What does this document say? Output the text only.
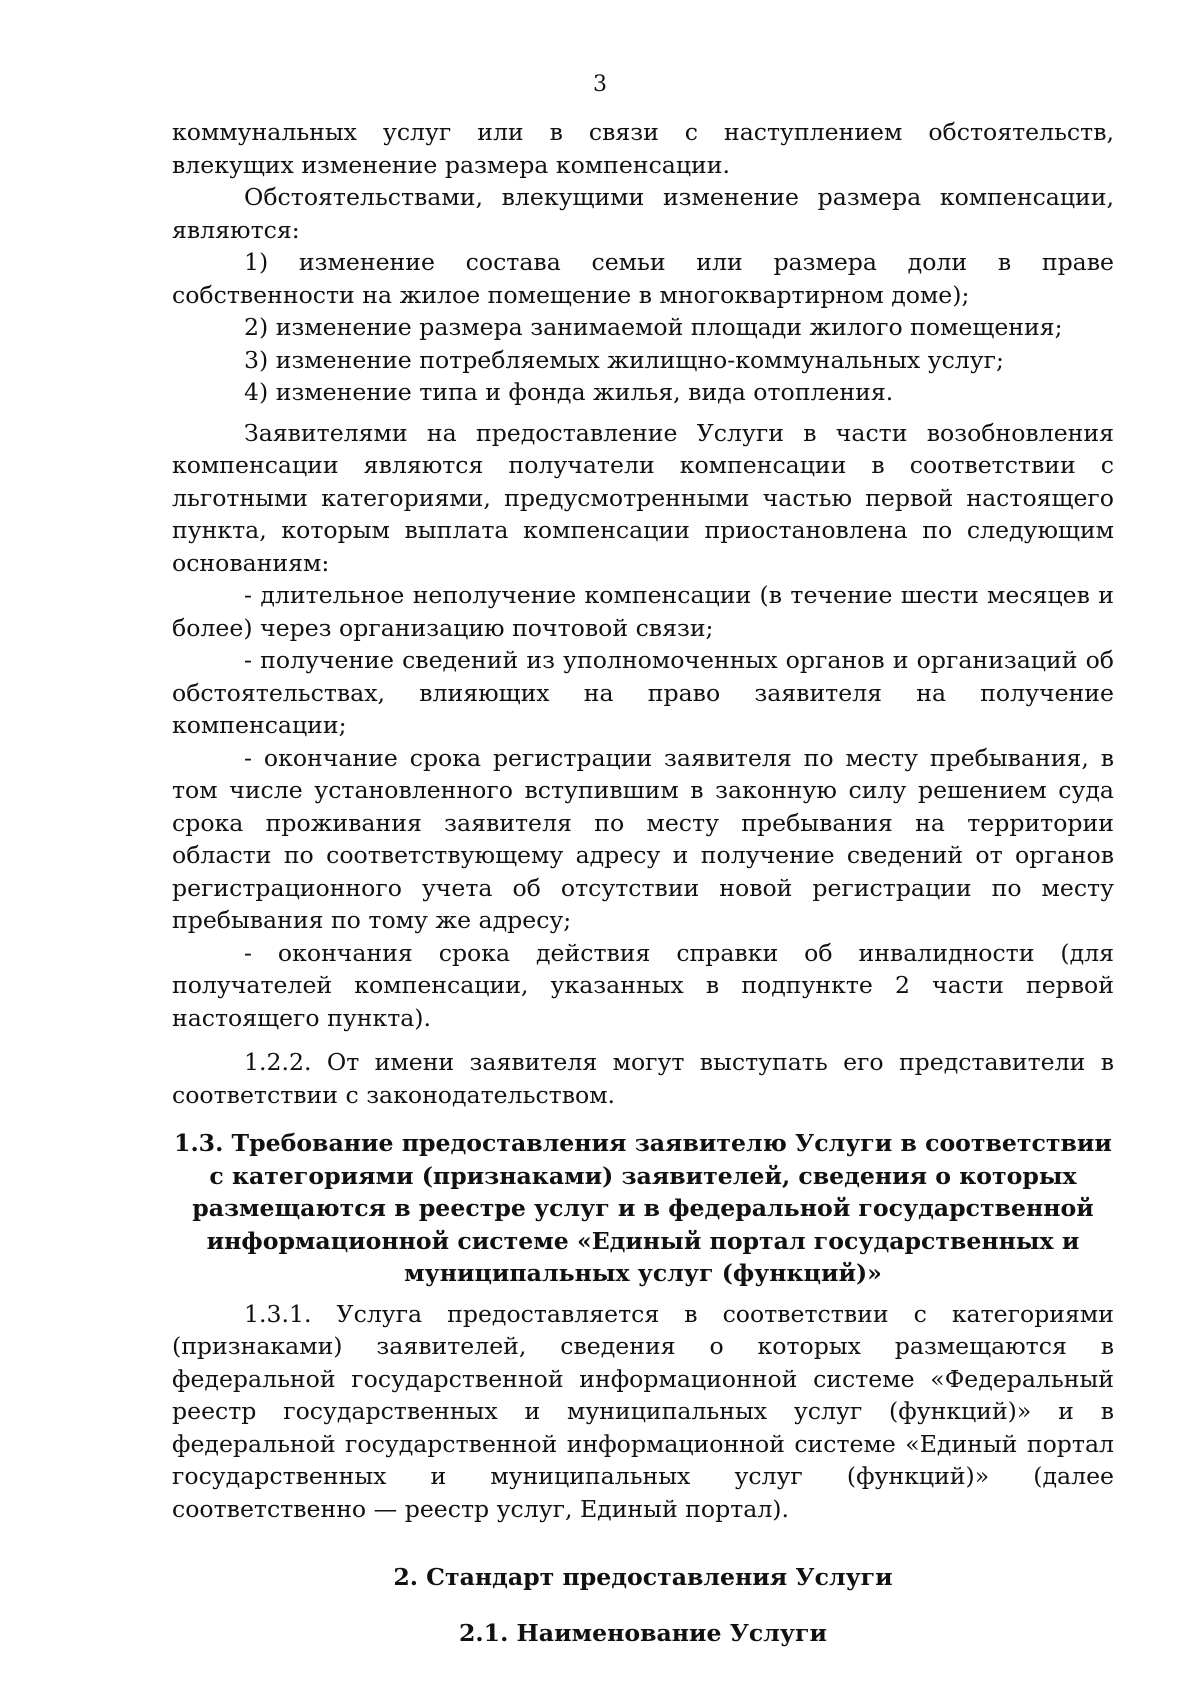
3

коммунальных услуг или в связи с наступлением обстоятельств, влекущих изменение размера компенсации.

Обстоятельствами, влекущими изменение размера компенсации, являются:

1) изменение состава семьи или размера доли в праве собственности на жилое помещение в многоквартирном доме);

2) изменение размера занимаемой площади жилого помещения;

3) изменение потребляемых жилищно-коммунальных услуг;

4) изменение типа и фонда жилья, вида отопления.

Заявителями на предоставление Услуги в части возобновления компенсации являются получатели компенсации в соответствии с льготными категориями, предусмотренными частью первой настоящего пункта, которым выплата компенсации приостановлена по следующим основаниям:

- длительное неполучение компенсации (в течение шести месяцев и более) через организацию почтовой связи;

- получение сведений из уполномоченных органов и организаций об обстоятельствах, влияющих на право заявителя на получение компенсации;

- окончание срока регистрации заявителя по месту пребывания, в том числе установленного вступившим в законную силу решением суда срока проживания заявителя по месту пребывания на территории области по соответствующему адресу и получение сведений от органов регистрационного учета об отсутствии новой регистрации по месту пребывания по тому же адресу;

- окончания срока действия справки об инвалидности (для получателей компенсации, указанных в подпункте 2 части первой настоящего пункта).

1.2.2. От имени заявителя могут выступать его представители в соответствии с законодательством.

1.3. Требование предоставления заявителю Услуги в соответствии с категориями (признаками) заявителей, сведения о которых размещаются в реестре услуг и в федеральной государственной информационной системе «Единый портал государственных и муниципальных услуг (функций)»

1.3.1. Услуга предоставляется в соответствии с категориями (признаками) заявителей, сведения о которых размещаются в федеральной государственной информационной системе «Федеральный реестр государственных и муниципальных услуг (функций)» и в федеральной государственной информационной системе «Единый портал государственных и муниципальных услуг (функций)» (далее соответственно — реестр услуг, Единый портал).

2. Стандарт предоставления Услуги

2.1. Наименование Услуги
